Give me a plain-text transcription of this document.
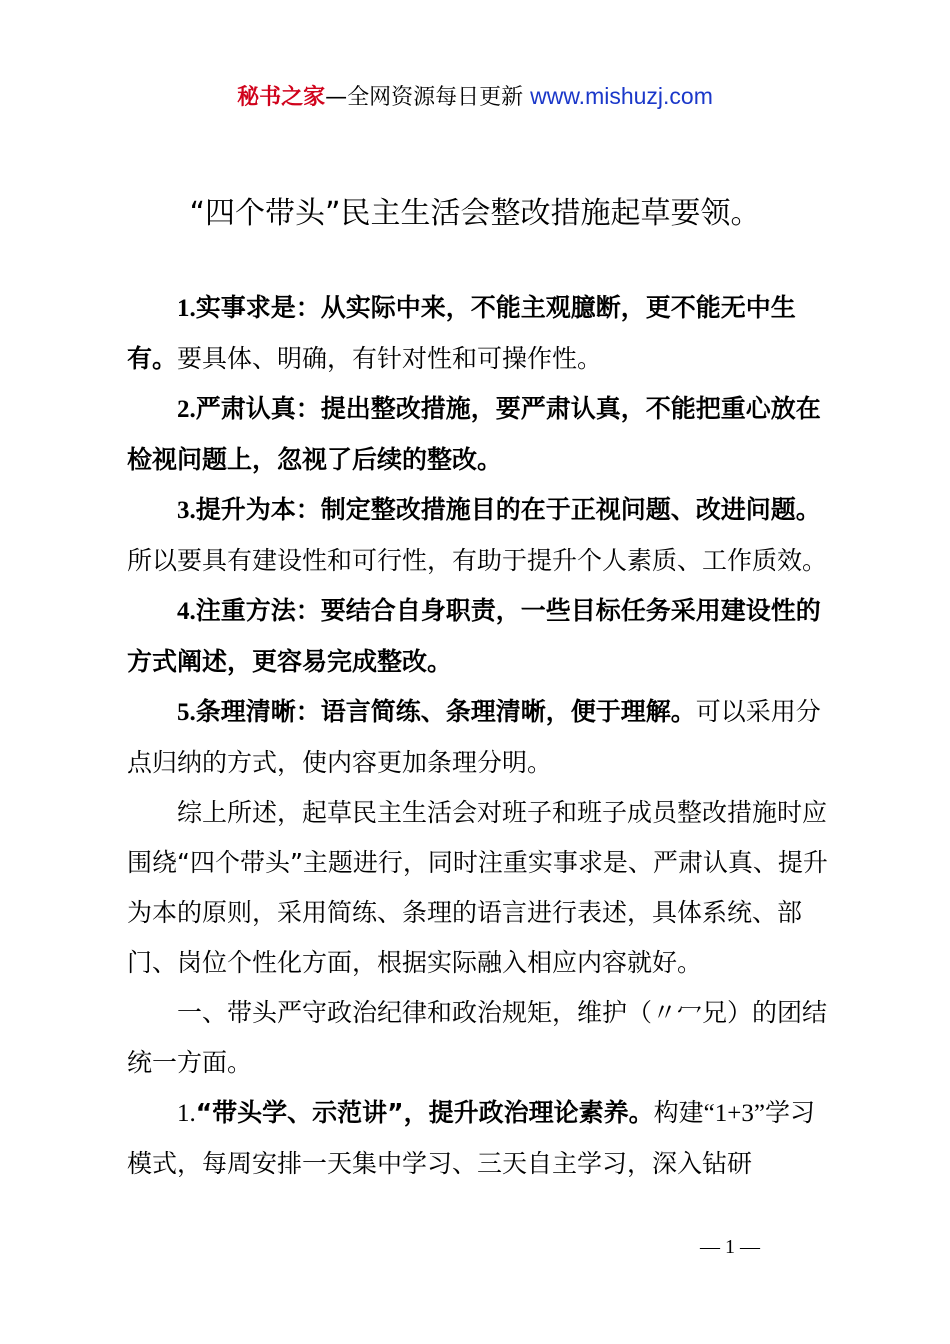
秘书之家—全网资源每日更新 www.mishuzj.com
“四个带头”民主生活会整改措施起草要领。

1.实事求是：从实际中来，不能主观臆断，更不能无中生有。要具体、明确，有针对性和可操作性。

2.严肃认真：提出整改措施，要严肃认真，不能把重心放在检视问题上，忽视了后续的整改。

3.提升为本：制定整改措施目的在于正视问题、改进问题。所以要具有建设性和可行性，有助于提升个人素质、工作质效。

4.注重方法：要结合自身职责，一些目标任务采用建设性的方式阐述，更容易完成整改。

5.条理清晰：语言简练、条理清晰，便于理解。可以采用分点归纳的方式，使内容更加条理分明。

综上所述，起草民主生活会对班子和班子成员整改措施时应围绕“四个带头”主题进行，同时注重实事求是、严肃认真、提升为本的原则，采用简练、条理的语言进行表述，具体系统、部门、岗位个性化方面，根据实际融入相应内容就好。

一、带头严守政治纪律和政治规矩，维护（〃冖兄）的团结统一方面。

1.“带头学、示范讲”，提升政治理论素养。构建“1+3”学习模式，每周安排一天集中学习、三天自主学习，深入钻研

— 1 —
